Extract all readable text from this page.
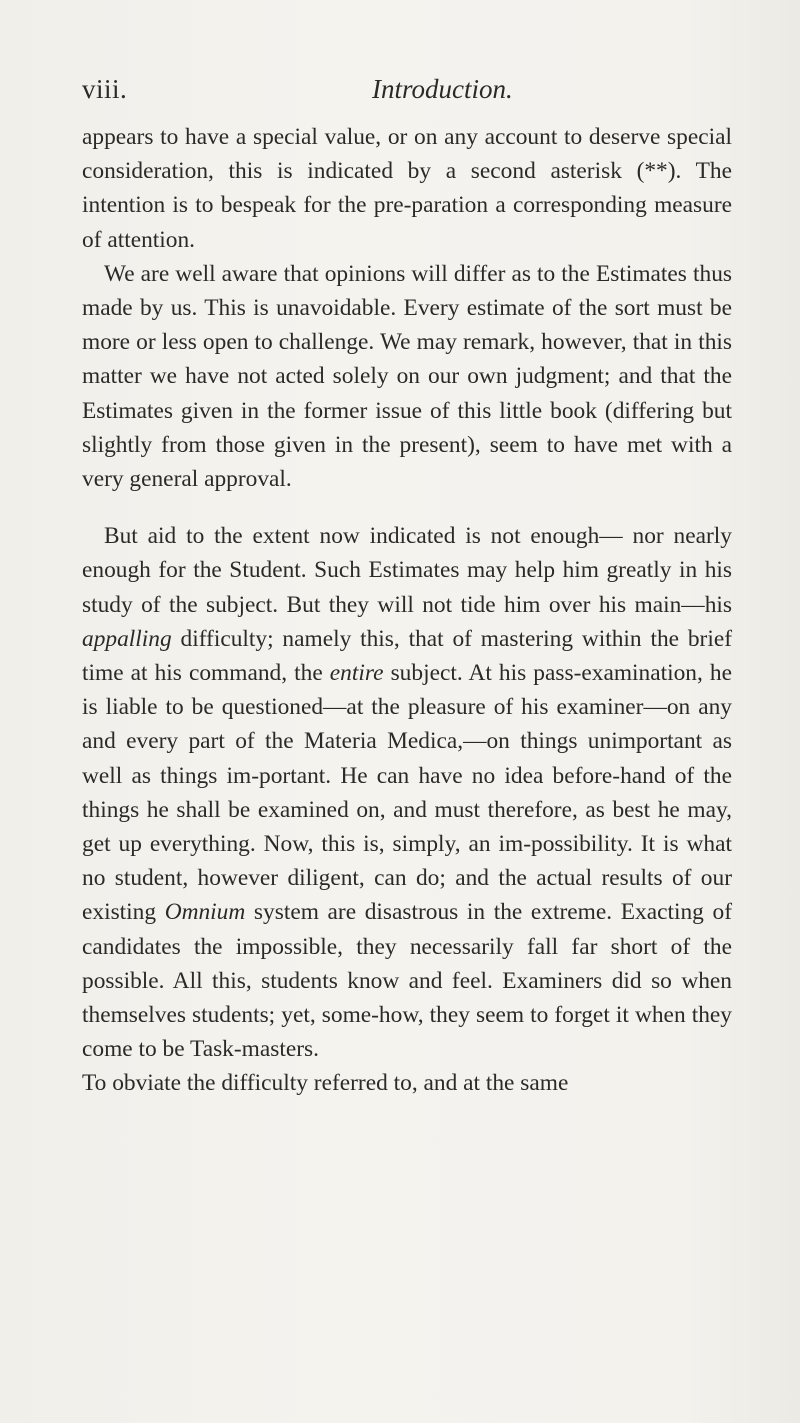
viii.	Introduction.

appears to have a special value, or on any account to deserve special consideration, this is indicated by a second asterisk (**). The intention is to bespeak for the pre-paration a corresponding measure of attention.

We are well aware that opinions will differ as to the Estimates thus made by us. This is unavoidable. Every estimate of the sort must be more or less open to challenge. We may remark, however, that in this matter we have not acted solely on our own judgment; and that the Estimates given in the former issue of this little book (differing but slightly from those given in the present), seem to have met with a very general approval.

But aid to the extent now indicated is not enough— nor nearly enough for the Student. Such Estimates may help him greatly in his study of the subject. But they will not tide him over his main—his appalling difficulty; namely this, that of mastering within the brief time at his command, the entire subject. At his pass-examination, he is liable to be questioned—at the pleasure of his examiner—on any and every part of the Materia Medica,—on things unimportant as well as things im-portant. He can have no idea before-hand of the things he shall be examined on, and must therefore, as best he may, get up everything. Now, this is, simply, an im-possibility. It is what no student, however diligent, can do; and the actual results of our existing Omnium system are disastrous in the extreme. Exacting of candidates the impossible, they necessarily fall far short of the possible. All this, students know and feel. Examiners did so when themselves students; yet, some-how, they seem to forget it when they come to be Task-masters.

To obviate the difficulty referred to, and at the same
